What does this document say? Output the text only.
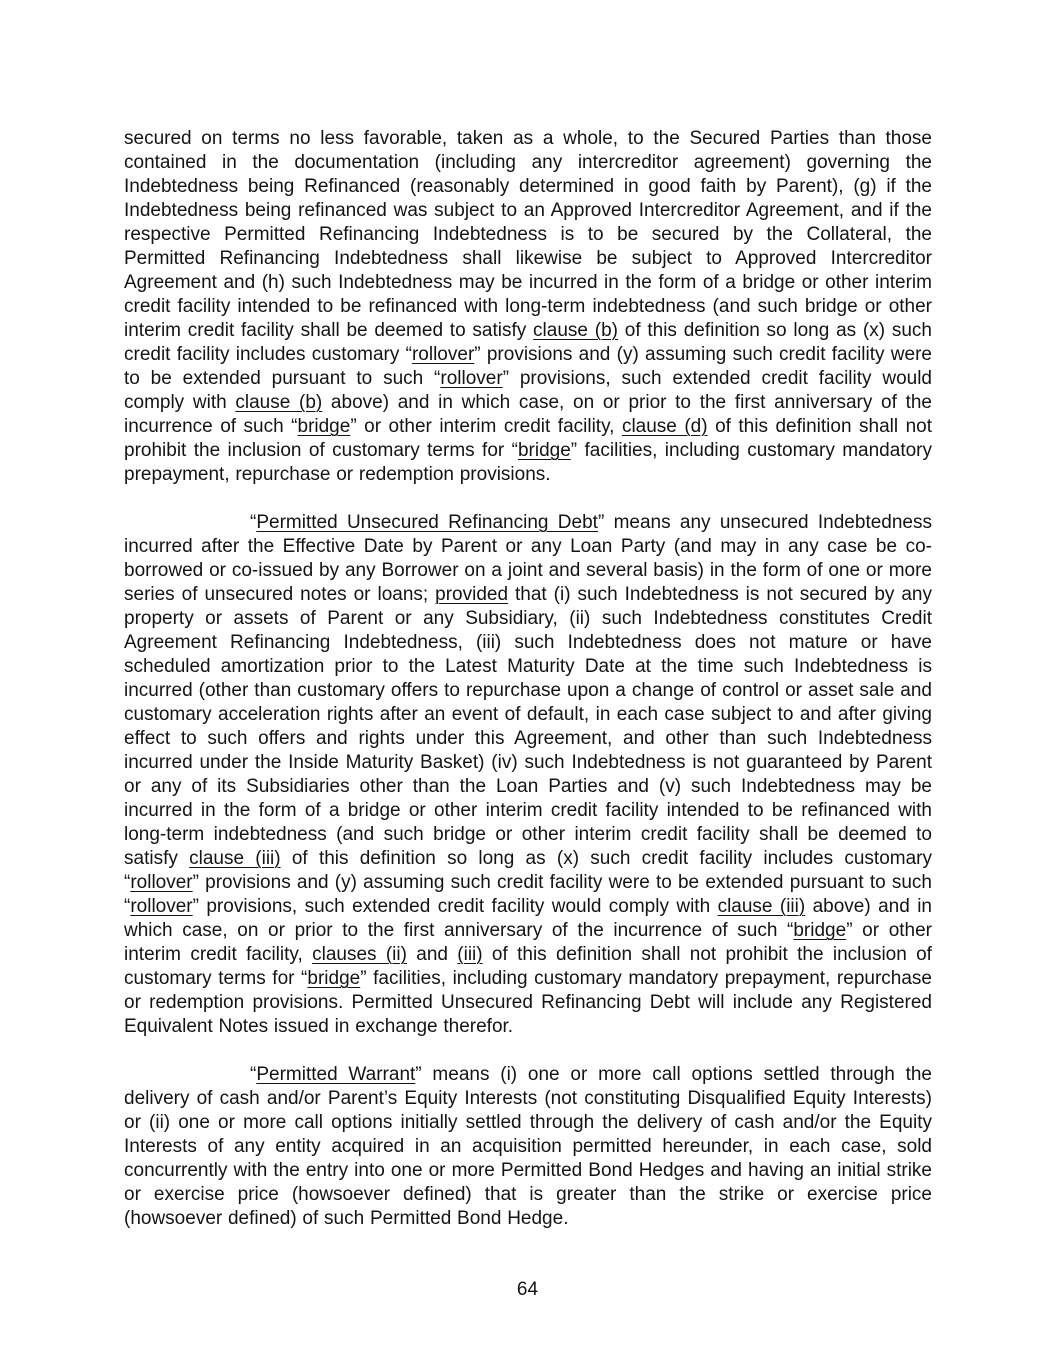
secured on terms no less favorable, taken as a whole, to the Secured Parties than those contained in the documentation (including any intercreditor agreement) governing the Indebtedness being Refinanced (reasonably determined in good faith by Parent), (g) if the Indebtedness being refinanced was subject to an Approved Intercreditor Agreement, and if the respective Permitted Refinancing Indebtedness is to be secured by the Collateral, the Permitted Refinancing Indebtedness shall likewise be subject to Approved Intercreditor Agreement and (h) such Indebtedness may be incurred in the form of a bridge or other interim credit facility intended to be refinanced with long-term indebtedness (and such bridge or other interim credit facility shall be deemed to satisfy clause (b) of this definition so long as (x) such credit facility includes customary “rollover” provisions and (y) assuming such credit facility were to be extended pursuant to such “rollover” provisions, such extended credit facility would comply with clause (b) above) and in which case, on or prior to the first anniversary of the incurrence of such “bridge” or other interim credit facility, clause (d) of this definition shall not prohibit the inclusion of customary terms for “bridge” facilities, including customary mandatory prepayment, repurchase or redemption provisions.

“Permitted Unsecured Refinancing Debt” means any unsecured Indebtedness incurred after the Effective Date by Parent or any Loan Party (and may in any case be co-borrowed or co-issued by any Borrower on a joint and several basis) in the form of one or more series of unsecured notes or loans; provided that (i) such Indebtedness is not secured by any property or assets of Parent or any Subsidiary, (ii) such Indebtedness constitutes Credit Agreement Refinancing Indebtedness, (iii) such Indebtedness does not mature or have scheduled amortization prior to the Latest Maturity Date at the time such Indebtedness is incurred (other than customary offers to repurchase upon a change of control or asset sale and customary acceleration rights after an event of default, in each case subject to and after giving effect to such offers and rights under this Agreement, and other than such Indebtedness incurred under the Inside Maturity Basket) (iv) such Indebtedness is not guaranteed by Parent or any of its Subsidiaries other than the Loan Parties and (v) such Indebtedness may be incurred in the form of a bridge or other interim credit facility intended to be refinanced with long-term indebtedness (and such bridge or other interim credit facility shall be deemed to satisfy clause (iii) of this definition so long as (x) such credit facility includes customary “rollover” provisions and (y) assuming such credit facility were to be extended pursuant to such “rollover” provisions, such extended credit facility would comply with clause (iii) above) and in which case, on or prior to the first anniversary of the incurrence of such “bridge” or other interim credit facility, clauses (ii) and (iii) of this definition shall not prohibit the inclusion of customary terms for “bridge” facilities, including customary mandatory prepayment, repurchase or redemption provisions. Permitted Unsecured Refinancing Debt will include any Registered Equivalent Notes issued in exchange therefor.

“Permitted Warrant” means (i) one or more call options settled through the delivery of cash and/or Parent’s Equity Interests (not constituting Disqualified Equity Interests) or (ii) one or more call options initially settled through the delivery of cash and/or the Equity Interests of any entity acquired in an acquisition permitted hereunder, in each case, sold concurrently with the entry into one or more Permitted Bond Hedges and having an initial strike or exercise price (howsoever defined) that is greater than the strike or exercise price (howsoever defined) of such Permitted Bond Hedge.

64
